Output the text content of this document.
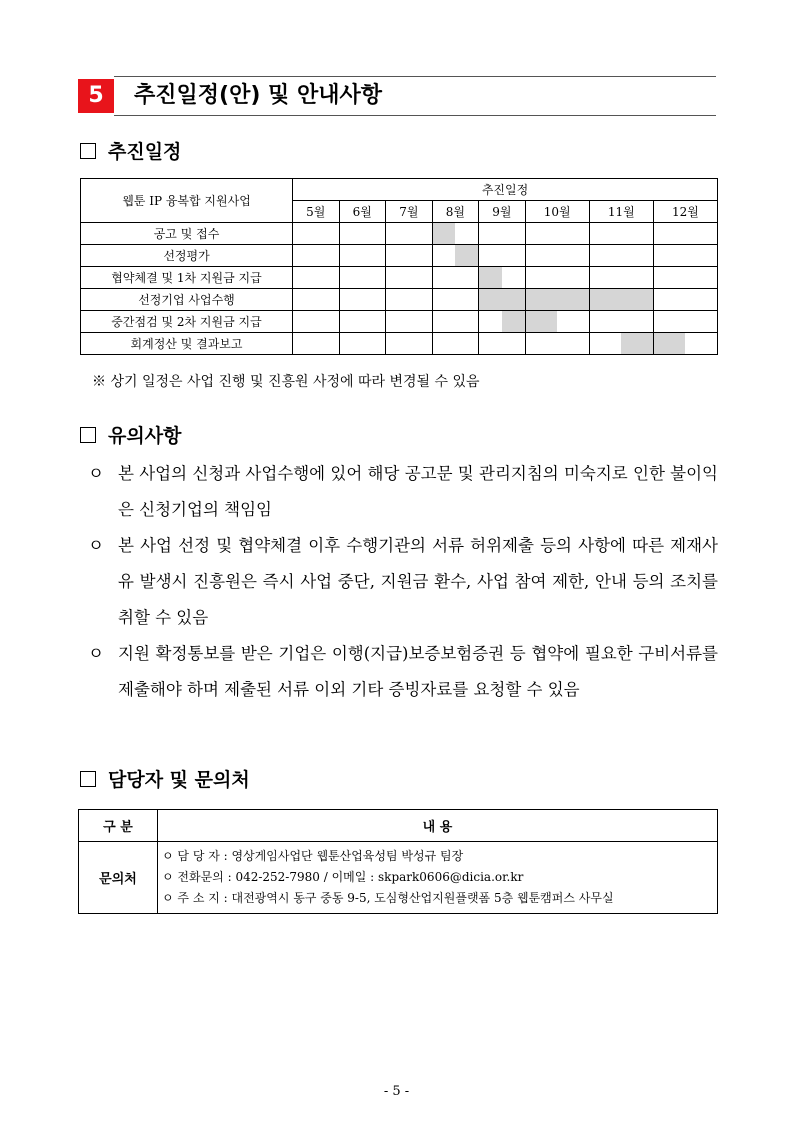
5	추진일정(안) 및 안내사항
추진일정
웹툰 IP 융복합 지원사업	추진일정							
	5월	6월	7월	8월	9월	10월	11월	12월
공고 및 접수				

선정평가				

협약체결 및 1차 지원금 지급					

선정기업 사업수행								
중간점검 및 2차 지원금 지급					

회계정산 및 결과보고							

※ 상기 일정은 사업 진행 및 진흥원 사정에 따라 변경될 수 있음
유의사항
ㅇ 본 사업의 신청과 사업수행에 있어 해당 공고문 및 관리지침의 미숙지로 인한 불이익은 신청기업의 책임임
ㅇ 본 사업 선정 및 협약체결 이후 수행기관의 서류 허위제출 등의 사항에 따른 제재사유 발생시 진흥원은 즉시 사업 중단, 지원금 환수, 사업 참여 제한, 안내 등의 조치를 취할 수 있음
ㅇ 지원 확정통보를 받은 기업은 이행(지급)보증보험증권 등 협약에 필요한 구비서류를 제출해야 하며 제출된 서류 이외 기타 증빙자료를 요청할 수 있음
담당자 및 문의처
구 분	내 용
문의처	ㅇ 담 당 자 : 영상게임사업단 웹툰산업육성팀 박성규 팀장
ㅇ 전화문의 : 042-252-7980 / 이메일 : skpark0606@dicia.or.kr
ㅇ 주 소 지 : 대전광역시 동구 중동 9-5, 도심형산업지원플랫폼 5층 웹툰캠퍼스 사무실
- 5 -
